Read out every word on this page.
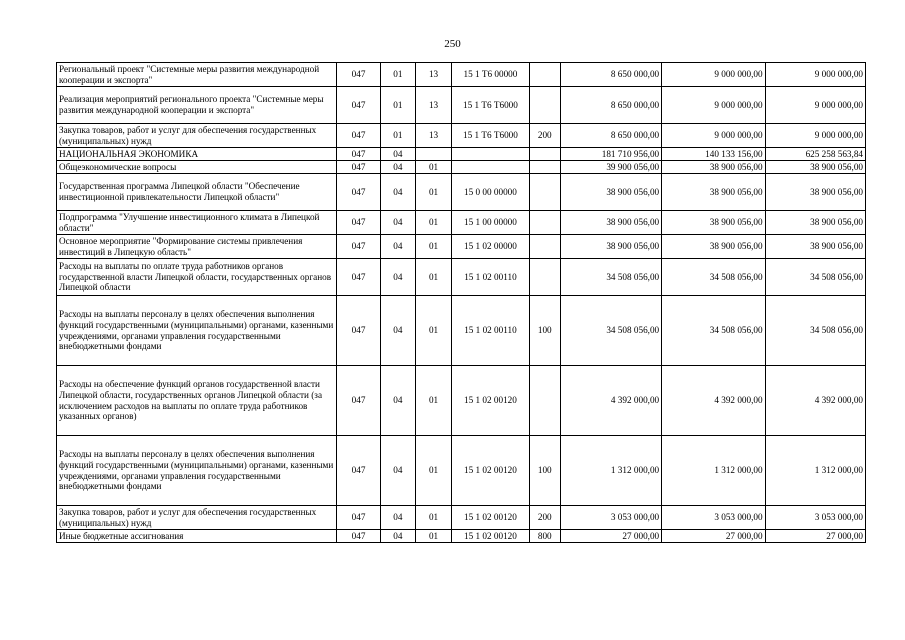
250
Региональный проект "Системные меры развития международной кооперации и экспорта"	047	01	13	15 1 Т6 00000		8 650 000,00	9 000 000,00	9 000 000,00
Реализация мероприятий регионального проекта "Системные меры развития международной кооперации и экспорта"	047	01	13	15 1 Т6 Т6000		8 650 000,00	9 000 000,00	9 000 000,00
Закупка товаров, работ и услуг для обеспечения государственных (муниципальных) нужд	047	01	13	15 1 Т6 Т6000	200	8 650 000,00	9 000 000,00	9 000 000,00
НАЦИОНАЛЬНАЯ ЭКОНОМИКА	047	04				181 710 956,00	140 133 156,00	625 258 563,84
Общеэкономические вопросы	047	04	01			39 900 056,00	38 900 056,00	38 900 056,00
Государственная программа Липецкой области "Обеспечение инвестиционной привлекательности Липецкой области"	047	04	01	15 0 00 00000		38 900 056,00	38 900 056,00	38 900 056,00
Подпрограмма "Улучшение инвестиционного климата в Липецкой области"	047	04	01	15 1 00 00000		38 900 056,00	38 900 056,00	38 900 056,00
Основное мероприятие "Формирование системы привлечения инвестиций в Липецкую область"	047	04	01	15 1 02 00000		38 900 056,00	38 900 056,00	38 900 056,00
Расходы на выплаты по оплате труда работников органов государственной власти Липецкой области, государственных органов Липецкой области	047	04	01	15 1 02 00110		34 508 056,00	34 508 056,00	34 508 056,00
Расходы на выплаты персоналу в целях обеспечения выполнения функций государственными (муниципальными) органами, казенными учреждениями, органами управления государственными внебюджетными фондами	047	04	01	15 1 02 00110	100	34 508 056,00	34 508 056,00	34 508 056,00
Расходы на обеспечение функций органов государственной власти Липецкой области, государственных органов Липецкой области (за исключением расходов на выплаты по оплате труда работников указанных органов)	047	04	01	15 1 02 00120		4 392 000,00	4 392 000,00	4 392 000,00
Расходы на выплаты персоналу в целях обеспечения выполнения функций государственными (муниципальными) органами, казенными учреждениями, органами управления государственными внебюджетными фондами	047	04	01	15 1 02 00120	100	1 312 000,00	1 312 000,00	1 312 000,00
Закупка товаров, работ и услуг для обеспечения государственных (муниципальных) нужд	047	04	01	15 1 02 00120	200	3 053 000,00	3 053 000,00	3 053 000,00
Иные бюджетные ассигнования	047	04	01	15 1 02 00120	800	27 000,00	27 000,00	27 000,00
